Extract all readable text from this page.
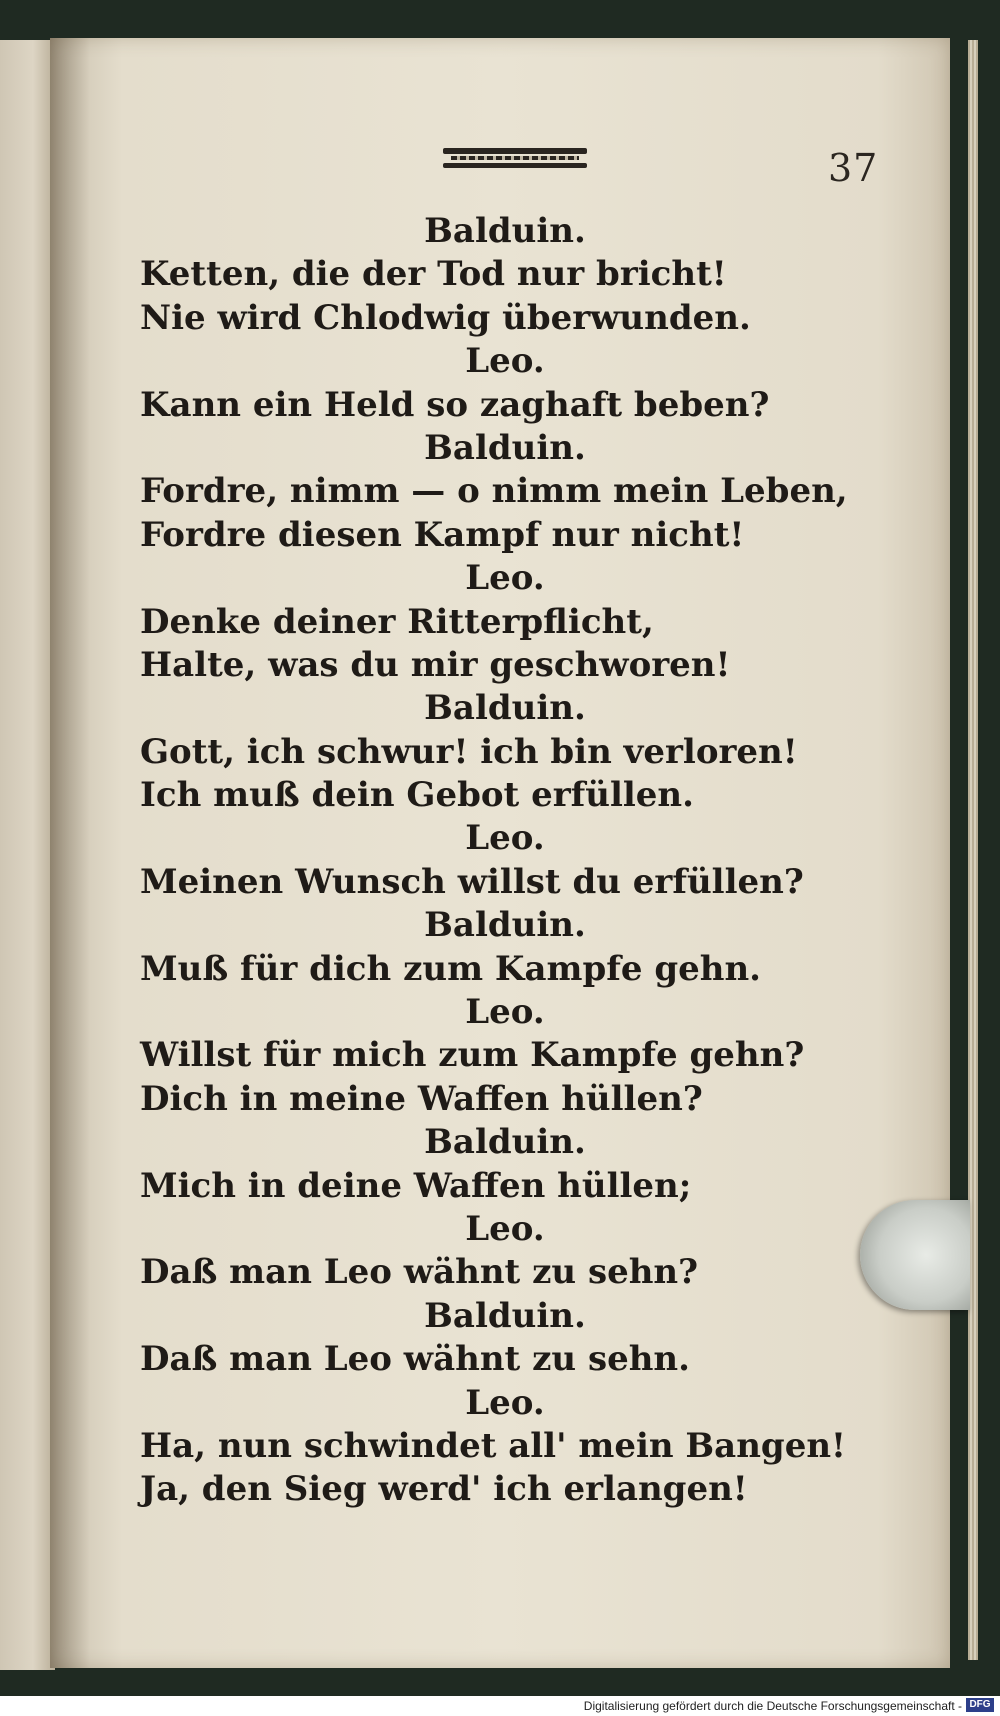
37
Balduin.
Ketten, die der Tod nur bricht!
Nie wird Chlodwig überwunden.
Leo.
Kann ein Held so zaghaft beben?
Balduin.
Fordre, nimm — o nimm mein Leben,
Fordre diesen Kampf nur nicht!
Leo.
Denke deiner Ritterpflicht,
Halte, was du mir geschworen!
Balduin.
Gott, ich schwur! ich bin verloren!
Ich muß dein Gebot erfüllen.
Leo.
Meinen Wunsch willst du erfüllen?
Balduin.
Muß für dich zum Kampfe gehn.
Leo.
Willst für mich zum Kampfe gehn?
Dich in meine Waffen hüllen?
Balduin.
Mich in deine Waffen hüllen;
Leo.
Daß man Leo wähnt zu sehn?
Balduin.
Daß man Leo wähnt zu sehn.
Leo.
Ha, nun schwindet all' mein Bangen!
Ja, den Sieg werd' ich erlangen!
Digitalisierung gefördert durch die Deutsche Forschungsgemeinschaft - DFG
